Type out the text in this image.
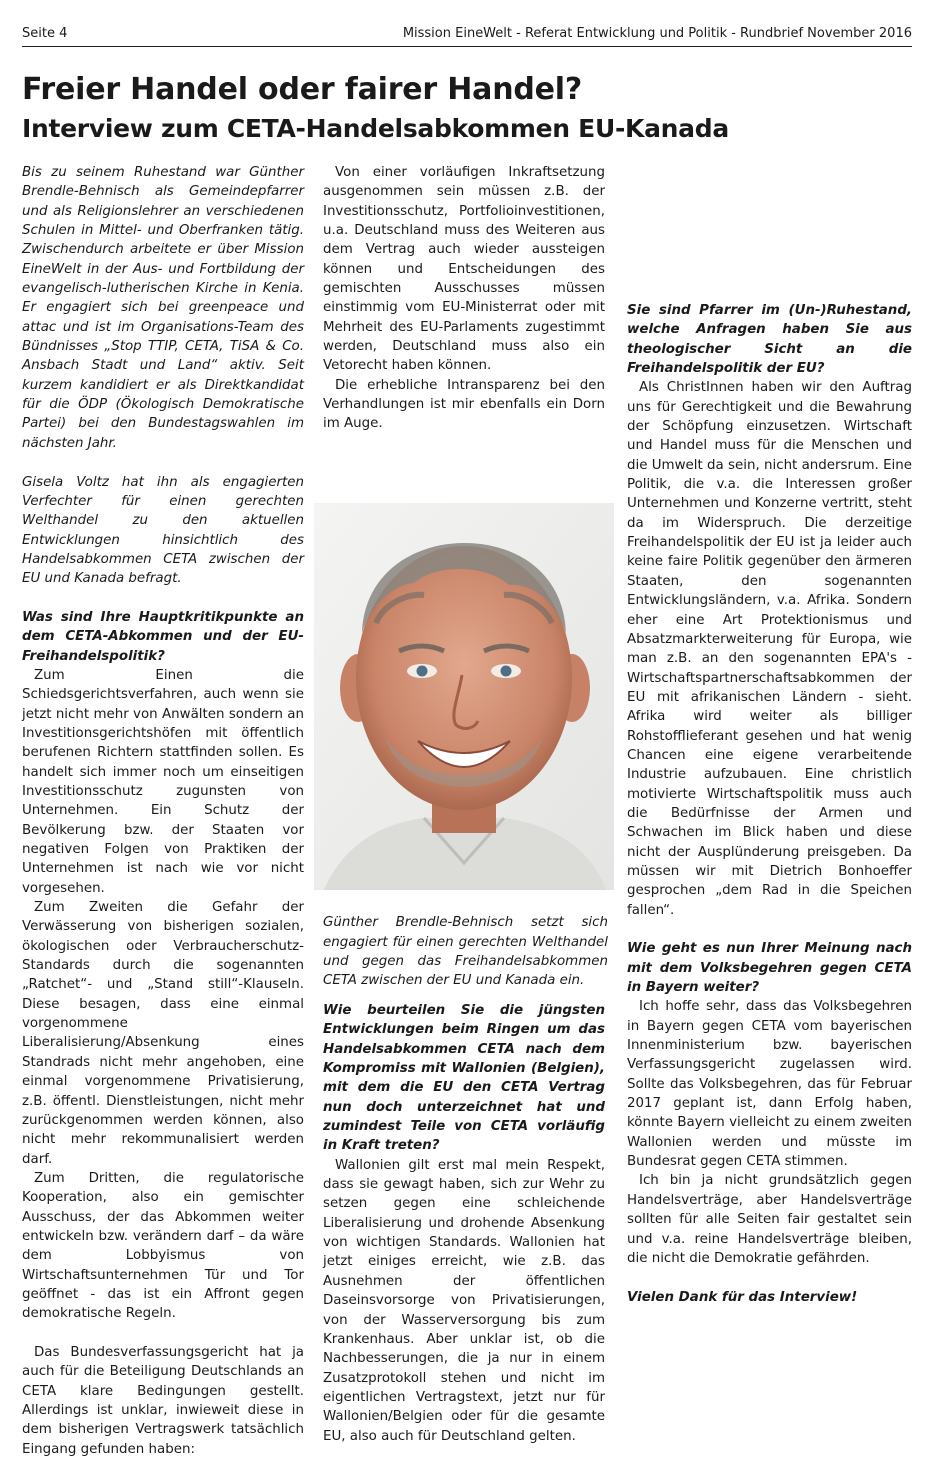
Seite 4	Mission EineWelt - Referat Entwicklung und Politik - Rundbrief November 2016
Freier Handel oder fairer Handel?
Interview zum CETA-Handelsabkommen EU-Kanada

Bis zu seinem Ruhestand war Günther Brendle-Behnisch als Gemeindepfarrer und als Religionslehrer an verschiedenen Schulen in Mittel- und Oberfranken tätig. Zwischendurch arbeitete er über Mission EineWelt in der Aus- und Fortbildung der evangelisch-lutherischen Kirche in Kenia. Er engagiert sich bei greenpeace und attac und ist im Organisations-Team des Bündnisses „Stop TTIP, CETA, TiSA & Co. Ansbach Stadt und Land“ aktiv. Seit kurzem kandidiert er als Direktkandidat für die ÖDP (Ökologisch Demokratische Partei) bei den Bundestagswahlen im nächsten Jahr.

Gisela Voltz hat ihn als engagierten Verfechter für einen gerechten Welthandel zu den aktuellen Entwicklungen hinsichtlich des Handelsabkommen CETA zwischen der EU und Kanada befragt.

Was sind Ihre Hauptkritikpunkte an dem CETA-Abkommen und der EU-Freihandelspolitik?

Zum Einen die Schiedsgerichtsverfahren, auch wenn sie jetzt nicht mehr von Anwälten sondern an Investitionsgerichtshöfen mit öffentlich berufenen Richtern stattfinden sollen. Es handelt sich immer noch um einseitigen Investitionsschutz zugunsten von Unternehmen. Ein Schutz der Bevölkerung bzw. der Staaten vor negativen Folgen von Praktiken der Unternehmen ist nach wie vor nicht vorgesehen.

Zum Zweiten die Gefahr der Verwässerung von bisherigen sozialen, ökologischen oder Verbraucherschutz-Standards durch die sogenannten „Ratchet“- und „Stand still“-Klauseln. Diese besagen, dass eine einmal vorgenommene Liberalisierung/Absenkung eines Standrads nicht mehr angehoben, eine einmal vorgenommene Privatisierung, z.B. öffentl. Dienstleistungen, nicht mehr zurückgenommen werden können, also nicht mehr rekommunalisiert werden darf.

Zum Dritten, die regulatorische Kooperation, also ein gemischter Ausschuss, der das Abkommen weiter entwickeln bzw. verändern darf – da wäre dem Lobbyismus von Wirtschaftsunternehmen Tür und Tor geöffnet - das ist ein Affront gegen demokratische Regeln.

Das Bundesverfassungsgericht hat ja auch für die Beteiligung Deutschlands an CETA klare Bedingungen gestellt. Allerdings ist unklar, inwieweit diese in dem bisherigen Vertragswerk tatsächlich Eingang gefunden haben:

Von einer vorläufigen Inkraftsetzung ausgenommen sein müssen z.B. der Investitionsschutz, Portfolioinvestitionen, u.a. Deutschland muss des Weiteren aus dem Vertrag auch wieder aussteigen können und Entscheidungen des gemischten Ausschusses müssen einstimmig vom EU-Ministerrat oder mit Mehrheit des EU-Parlaments zugestimmt werden, Deutschland muss also ein Vetorecht haben können.

Die erhebliche Intransparenz bei den Verhandlungen ist mir ebenfalls ein Dorn im Auge.

Günther Brendle-Behnisch setzt sich engagiert für einen gerechten Welthandel und gegen das Freihandelsabkommen CETA zwischen der EU und Kanada ein.

Wie beurteilen Sie die jüngsten Entwicklungen beim Ringen um das Handelsabkommen CETA nach dem Kompromiss mit Wallonien (Belgien), mit dem die EU den CETA Vertrag nun doch unterzeichnet hat und zumindest Teile von CETA vorläufig in Kraft treten?

Wallonien gilt erst mal mein Respekt, dass sie gewagt haben, sich zur Wehr zu setzen gegen eine schleichende Liberalisierung und drohende Absenkung von wichtigen Standards. Wallonien hat jetzt einiges erreicht, wie z.B. das Ausnehmen der öffentlichen Daseinsvorsorge von Privatisierungen, von der Wasserversorgung bis zum Krankenhaus. Aber unklar ist, ob die Nachbesserungen, die ja nur in einem Zusatzprotokoll stehen und nicht im eigentlichen Vertragstext, jetzt nur für Wallonien/Belgien oder für die gesamte EU, also auch für Deutschland gelten.

Sie sind Pfarrer im (Un-)Ruhestand, welche Anfragen haben Sie aus theologischer Sicht an die Freihandelspolitik der EU?

Als ChristInnen haben wir den Auftrag uns für Gerechtigkeit und die Bewahrung der Schöpfung einzusetzen. Wirtschaft und Handel muss für die Menschen und die Umwelt da sein, nicht andersrum. Eine Politik, die v.a. die Interessen großer Unternehmen und Konzerne vertritt, steht da im Widerspruch. Die derzeitige Freihandelspolitik der EU ist ja leider auch keine faire Politik gegenüber den ärmeren Staaten, den sogenannten Entwicklungsländern, v.a. Afrika. Sondern eher eine Art Protektionismus und Absatzmarkterweiterung für Europa, wie man z.B. an den sogenannten EPA's - Wirtschaftspartnerschaftsabkommen der EU mit afrikanischen Ländern - sieht. Afrika wird weiter als billiger Rohstofflieferant gesehen und hat wenig Chancen eine eigene verarbeitende Industrie aufzubauen. Eine christlich motivierte Wirtschaftspolitik muss auch die Bedürfnisse der Armen und Schwachen im Blick haben und diese nicht der Ausplünderung preisgeben. Da müssen wir mit Dietrich Bonhoeffer gesprochen „dem Rad in die Speichen fallen“.

Wie geht es nun Ihrer Meinung nach mit dem Volksbegehren gegen CETA in Bayern weiter?

Ich hoffe sehr, dass das Volksbegehren in Bayern gegen CETA vom bayerischen Innenministerium bzw. bayerischen Verfassungsgericht zugelassen wird. Sollte das Volksbegehren, das für Februar 2017 geplant ist, dann Erfolg haben, könnte Bayern vielleicht zu einem zweiten Wallonien werden und müsste im Bundesrat gegen CETA stimmen.

Ich bin ja nicht grundsätzlich gegen Handelsverträge, aber Handelsverträge sollten für alle Seiten fair gestaltet sein und v.a. reine Handelsverträge bleiben, die nicht die Demokratie gefährden.

Vielen Dank für das Interview!
